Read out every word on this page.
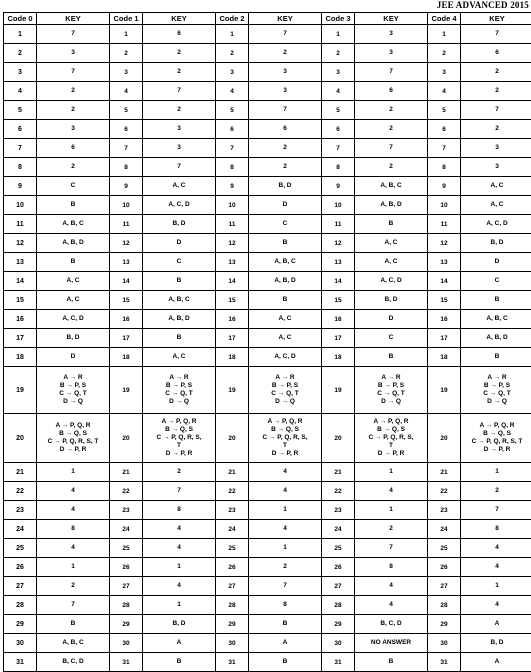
JEE ADVANCED 2015
Code 0	KEY	Code 1	KEY	Code 2	KEY	Code 3	KEY	Code 4	KEY
1	7	1	6	1	7	1	3	1	7
2	3	2	2	2	2	2	3	2	6
3	7	3	2	3	3	3	7	3	2
4	2	4	7	4	3	4	6	4	2
5	2	5	2	5	7	5	2	5	7
6	3	6	3	6	6	6	2	6	2
7	6	7	3	7	2	7	7	7	3
8	2	8	7	8	2	8	2	8	3
9	C	9	A, C	9	B, D	9	A, B, C	9	A, C
10	B	10	A, C, D	10	D	10	A, B, D	10	A, C
11	A, B, C	11	B, D	11	C	11	B	11	A, C, D
12	A, B, D	12	D	12	B	12	A, C	12	B, D
13	B	13	C	13	A, B, C	13	A, C	13	D
14	A, C	14	B	14	A, B, D	14	A, C, D	14	C
15	A, C	15	A, B, C	15	B	15	B, D	15	B
16	A, C, D	16	A, B, D	16	A, C	16	D	16	A, B, C
17	B, D	17	B	17	A, C	17	C	17	A, B, D
18	D	18	A, C	18	A, C, D	18	B	18	B
19	A → R
B → P, S
C → Q, T
D → Q	19	A → R
B → P, S
C → Q, T
D → Q	19	A → R
B → P, S
C → Q, T
D → Q	19	A → R
B → P, S
C → Q, T
D → Q	19	A → R
B → P, S
C → Q, T
D → Q

20	A → P, Q, R
B → Q, S
C → P, Q, R, S, T
D → P, R	20	A → P, Q, R
B → Q, S
C → P, Q, R, S,
T
D → P, R	20	A → P, Q, R
B → Q, S
C → P, Q, R, S,
T
D → P, R	20	A → P, Q, R
B → Q, S
C → P, Q, R, S,
T
D → P, R	20	A → P, Q, R
B → Q, S
C → P, Q, R, S, T
D → P, R

21	1	21	2	21	4	21	1	21	1
22	4	22	7	22	4	22	4	22	2
23	4	23	8	23	1	23	1	23	7
24	8	24	4	24	4	24	2	24	8
25	4	25	4	25	1	25	7	25	4
26	1	26	1	26	2	26	8	26	4
27	2	27	4	27	7	27	4	27	1
28	7	28	1	28	8	28	4	28	4
29	B	29	B, D	29	B	29	B, C, D	29	A
30	A, B, C	30	A	30	A	30	NO ANSWER	30	B, D
31	B, C, D	31	B	31	B	31	B	31	A
